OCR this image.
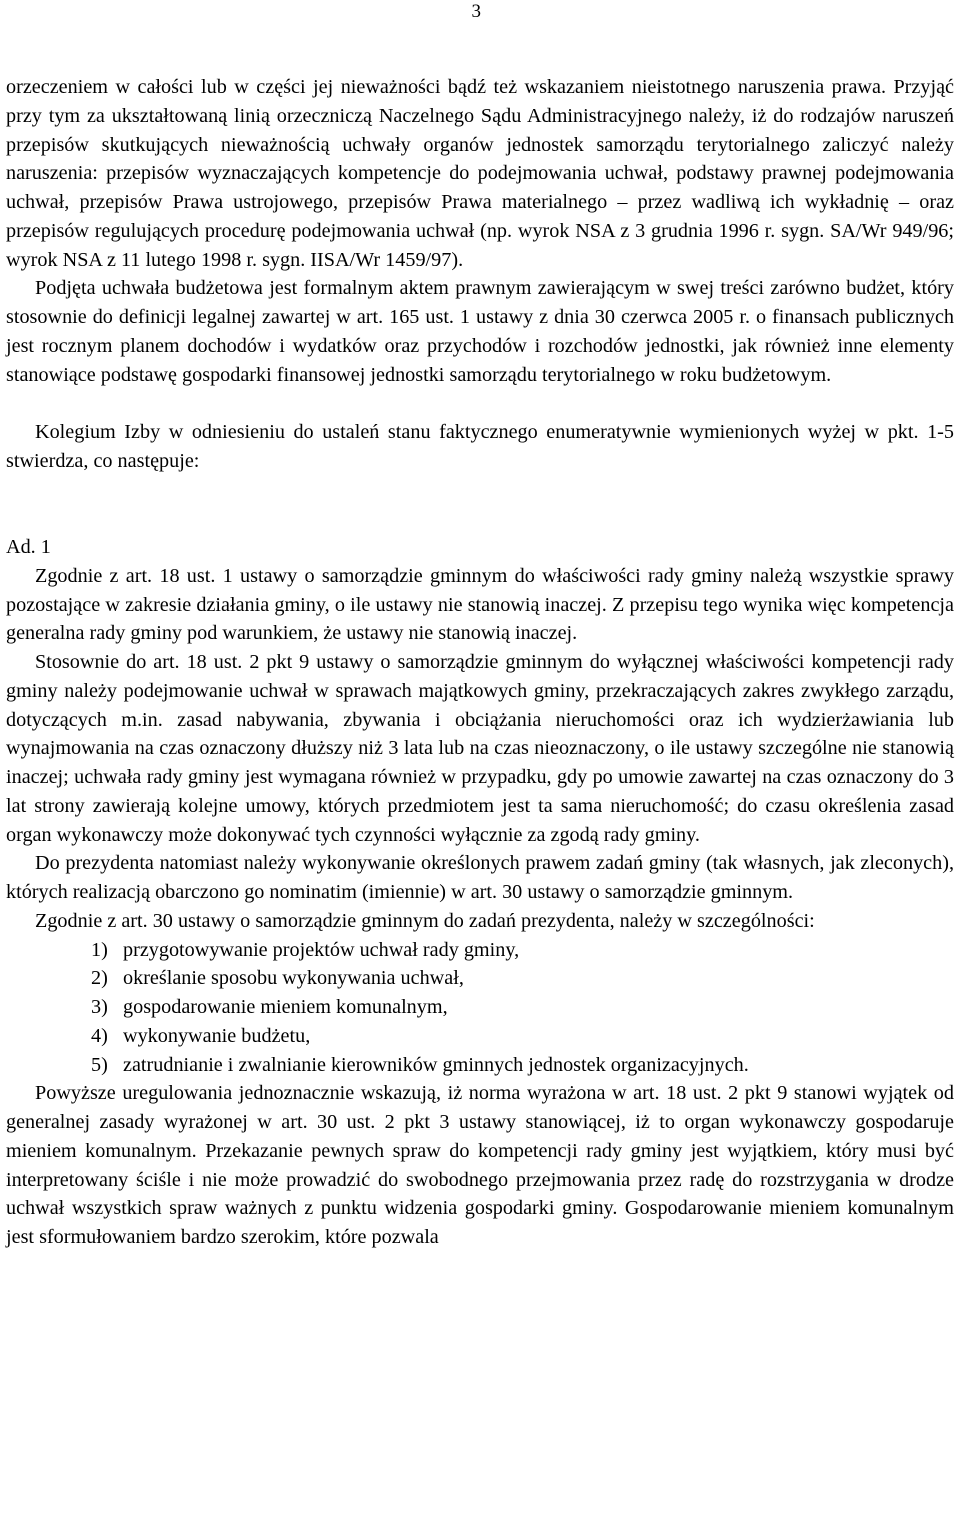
3

orzeczeniem w całości lub w części jej nieważności bądź też wskazaniem nieistotnego naruszenia prawa. Przyjąć przy tym za ukształtowaną linią orzeczniczą Naczelnego Sądu Administracyjnego należy, iż do rodzajów naruszeń przepisów skutkujących nieważnością uchwały organów jednostek samorządu terytorialnego zaliczyć należy naruszenia: przepisów wyznaczających kompetencje do podejmowania uchwał, podstawy prawnej podejmowania uchwał, przepisów Prawa ustrojowego, przepisów Prawa materialnego – przez wadliwą ich wykładnię – oraz przepisów regulujących procedurę podejmowania uchwał (np. wyrok NSA z 3 grudnia 1996 r. sygn. SA/Wr 949/96; wyrok NSA z 11 lutego 1998 r. sygn. IISA/Wr 1459/97).

Podjęta uchwała budżetowa jest formalnym aktem prawnym zawierającym w swej treści zarówno budżet, który stosownie do definicji legalnej zawartej w art. 165 ust. 1 ustawy z dnia 30 czerwca 2005 r. o finansach publicznych jest rocznym planem dochodów i wydatków oraz przychodów i rozchodów jednostki, jak również inne elementy stanowiące podstawę gospodarki finansowej jednostki samorządu terytorialnego w roku budżetowym.

Kolegium Izby w odniesieniu do ustaleń stanu faktycznego enumeratywnie wymienionych wyżej w pkt. 1-5 stwierdza, co następuje:

Ad. 1

Zgodnie z art. 18 ust. 1 ustawy o samorządzie gminnym do właściwości rady gminy należą wszystkie sprawy pozostające w zakresie działania gminy, o ile ustawy nie stanowią inaczej. Z przepisu tego wynika więc kompetencja generalna rady gminy pod warunkiem, że ustawy nie stanowią inaczej.

Stosownie do art. 18 ust. 2 pkt 9 ustawy o samorządzie gminnym do wyłącznej właściwości kompetencji rady gminy należy podejmowanie uchwał w sprawach majątkowych gminy, przekraczających zakres zwykłego zarządu, dotyczących m.in. zasad nabywania, zbywania i obciążania nieruchomości oraz ich wydzierżawiania lub wynajmowania na czas oznaczony dłuższy niż 3 lata lub na czas nieoznaczony, o ile ustawy szczególne nie stanowią inaczej; uchwała rady gminy jest wymagana również w przypadku, gdy po umowie zawartej na czas oznaczony do 3 lat strony zawierają kolejne umowy, których przedmiotem jest ta sama nieruchomość; do czasu określenia zasad organ wykonawczy może dokonywać tych czynności wyłącznie za zgodą rady gminy.

Do prezydenta natomiast należy wykonywanie określonych prawem zadań gminy (tak własnych, jak zleconych), których realizacją obarczono go nominatim (imiennie) w art. 30 ustawy o samorządzie gminnym.

Zgodnie z art. 30 ustawy o samorządzie gminnym do zadań prezydenta, należy w szczególności:

1) przygotowywanie projektów uchwał rady gminy,
2) określanie sposobu wykonywania uchwał,
3) gospodarowanie mieniem komunalnym,
4) wykonywanie budżetu,
5) zatrudnianie i zwalnianie kierowników gminnych jednostek organizacyjnych.

Powyższe uregulowania jednoznacznie wskazują, iż norma wyrażona w art. 18 ust. 2 pkt 9 stanowi wyjątek od generalnej zasady wyrażonej w art. 30 ust. 2 pkt 3 ustawy stanowiącej, iż to organ wykonawczy gospodaruje mieniem komunalnym. Przekazanie pewnych spraw do kompetencji rady gminy jest wyjątkiem, który musi być interpretowany ściśle i nie może prowadzić do swobodnego przejmowania przez radę do rozstrzygania w drodze uchwał wszystkich spraw ważnych z punktu widzenia gospodarki gminy. Gospodarowanie mieniem komunalnym jest sformułowaniem bardzo szerokim, które pozwala
